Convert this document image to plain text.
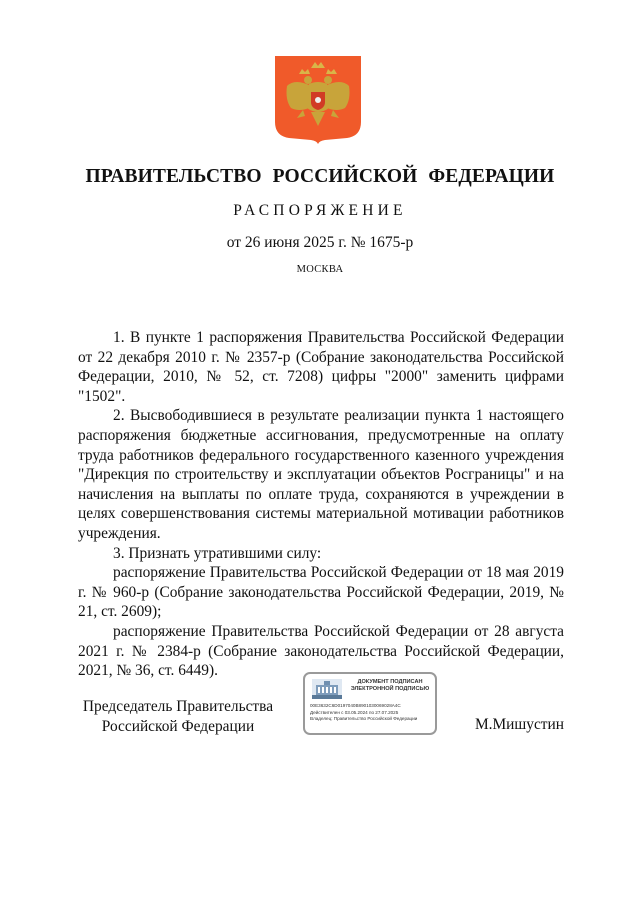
ПРАВИТЕЛЬСТВО РОССИЙСКОЙ ФЕДЕРАЦИИ
РАСПОРЯЖЕНИЕ
от 26 июня 2025 г. № 1675-р
МОСКВА

1. В пункте 1 распоряжения Правительства Российской Федерации от 22 декабря 2010 г. № 2357-р (Собрание законодательства Российской Федерации, 2010, № 52, ст. 7208) цифры "2000" заменить цифрами "1502".

2. Высвободившиеся в результате реализации пункта 1 настоящего распоряжения бюджетные ассигнования, предусмотренные на оплату труда работников федерального государственного казенного учреждения "Дирекция по строительству и эксплуатации объектов Росграницы" и на начисления на выплаты по оплате труда, сохраняются в учреждении в целях совершенствования системы материальной мотивации работников учреждения.

3. Признать утратившими силу:

распоряжение Правительства Российской Федерации от 18 мая 2019 г. № 960-р (Собрание законодательства Российской Федерации, 2019, № 21, ст. 2609);

распоряжение Правительства Российской Федерации от 28 августа 2021 г. № 2384-р (Собрание законодательства Российской Федерации, 2021, № 36, ст. 6449).

Председатель Правительства
Российской Федерации
ДОКУМЕНТ ПОДПИСАН ЭЛЕКТРОННОЙ ПОДПИСЬЮ
00E3632C6D0197040B8901030069028A4C
Действителен с 03.05.2024 по 27.07.2025
Владелец: Правительство Российской Федерации	М.Мишустин
